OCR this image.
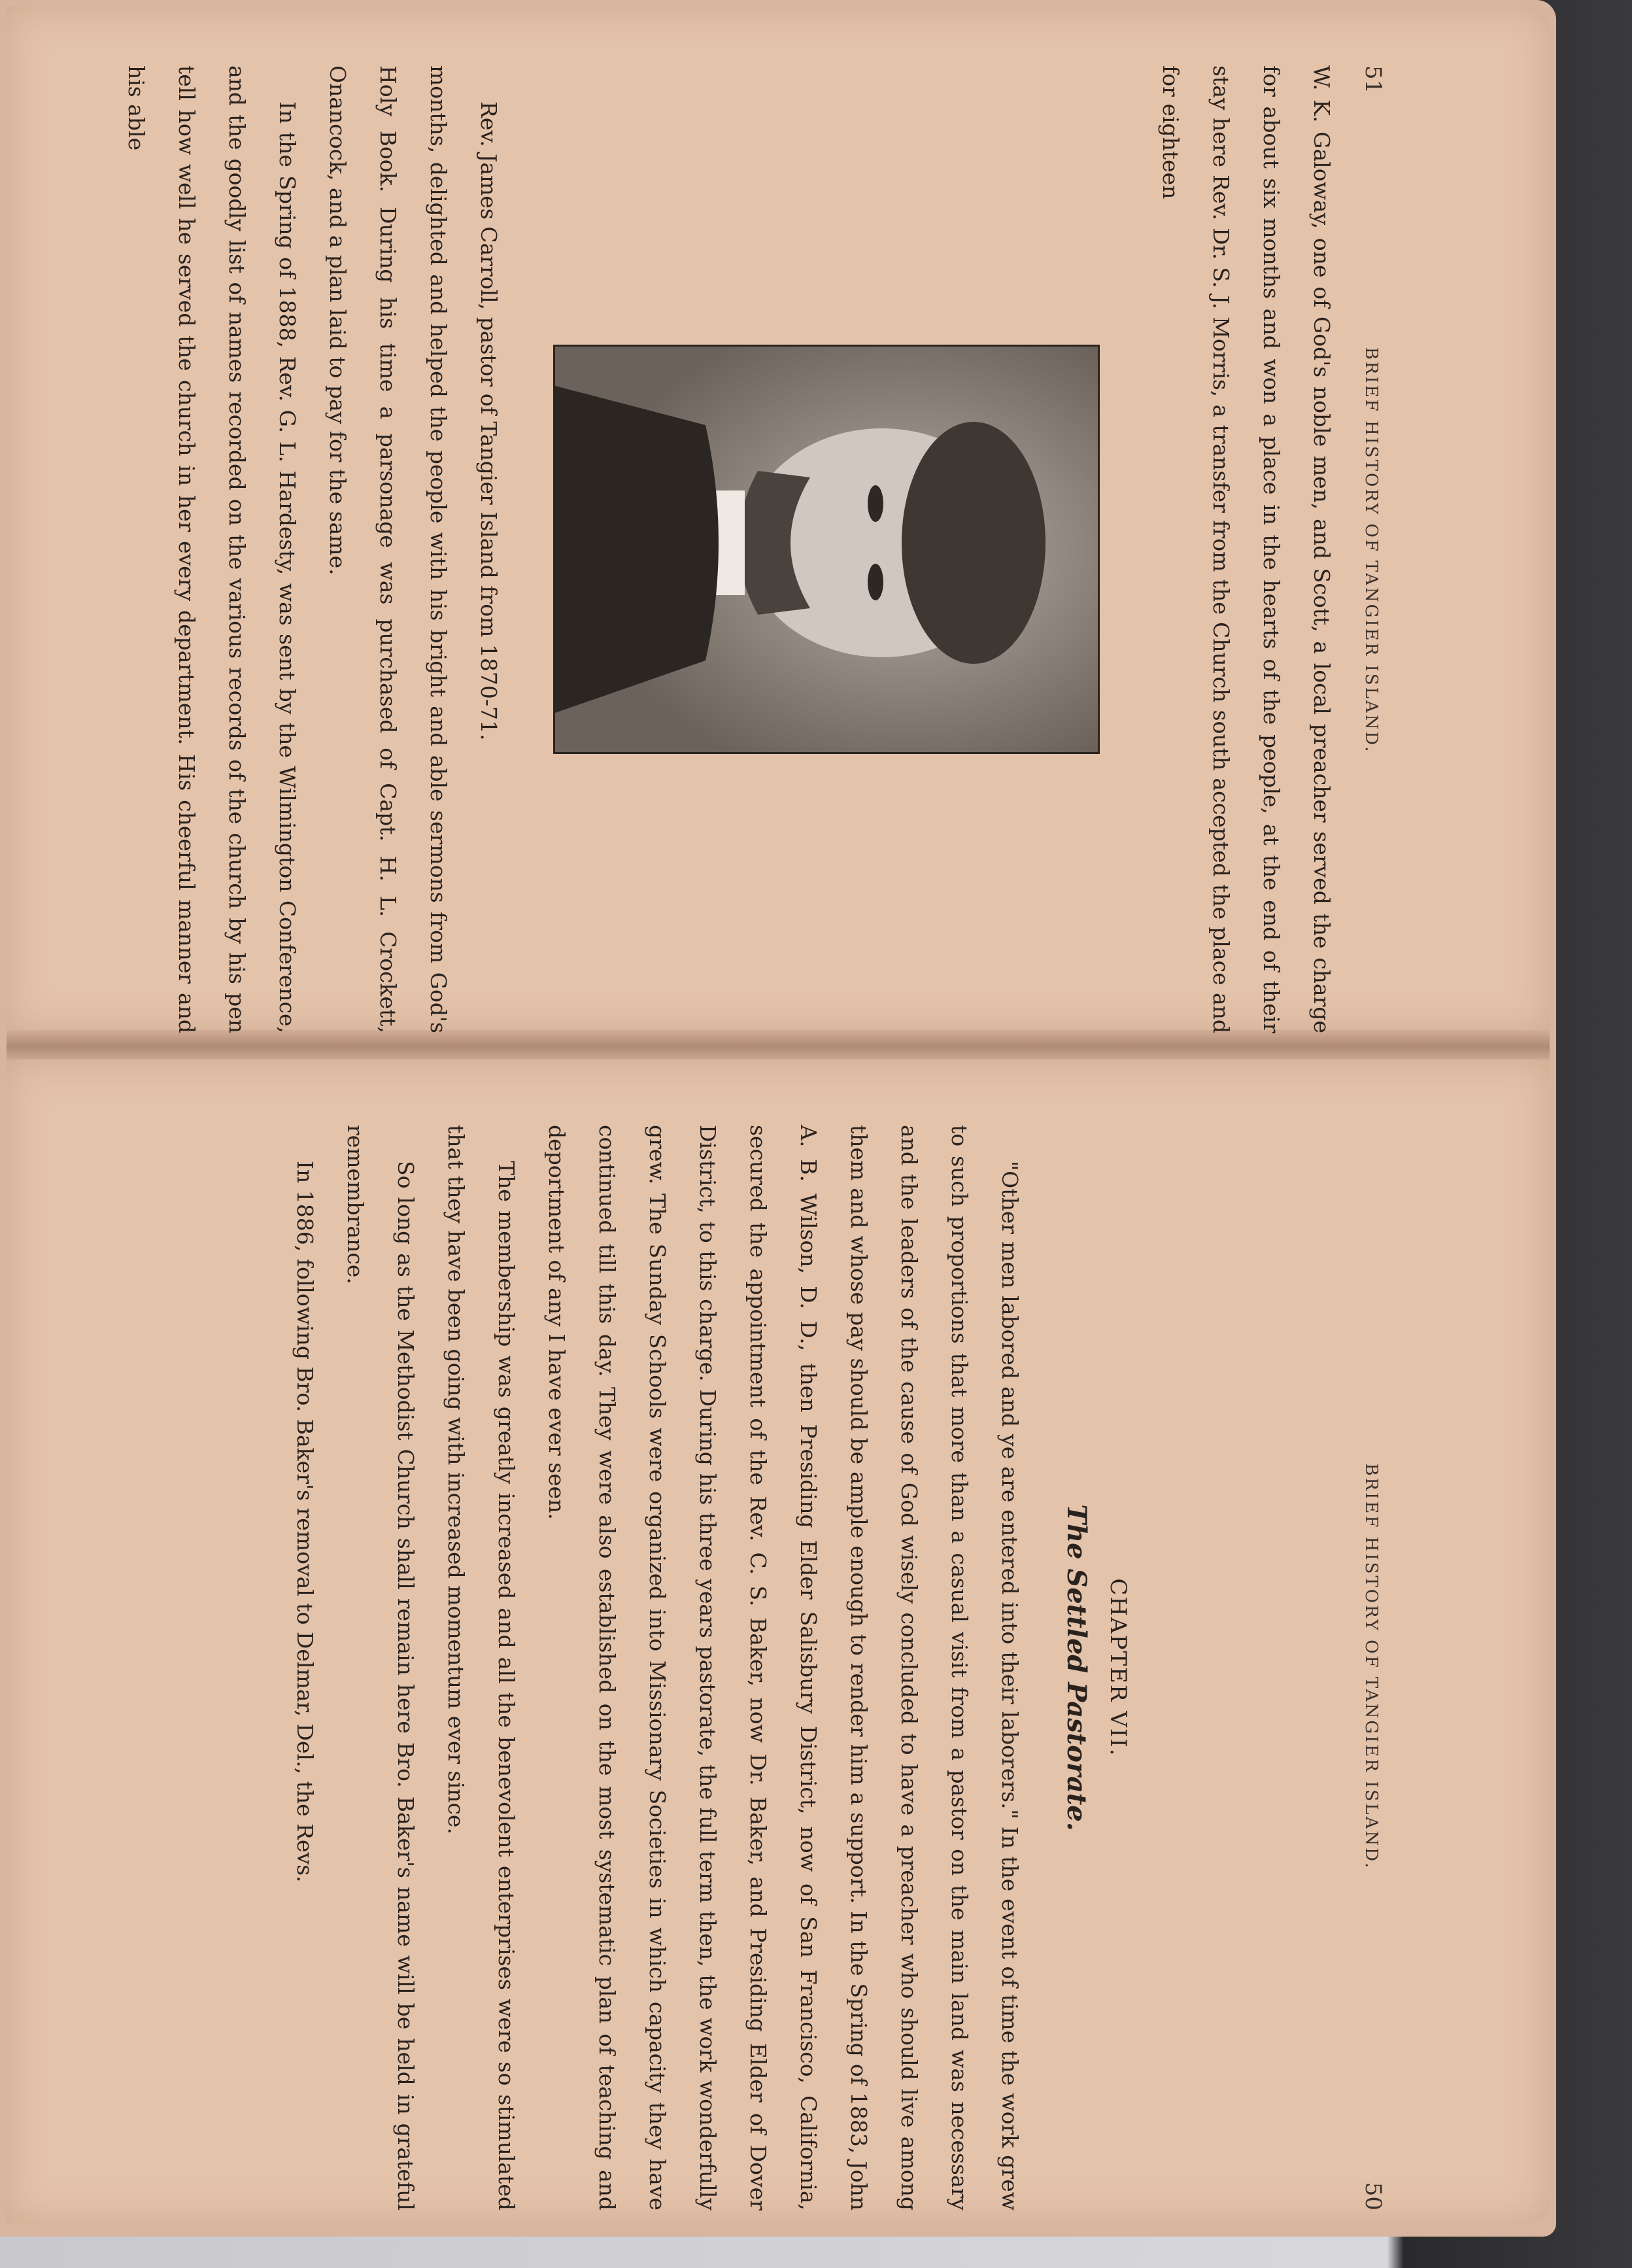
51
BRIEF HISTORY OF TANGIER ISLAND.

W. K. Galoway, one of God's noble men, and Scott, a local preacher served the charge for about six months and won a place in the hearts of the people, at the end of their stay here Rev. Dr. S. J. Morris, a transfer from the Church south accepted the place and for eighteen

Rev. James Carroll, pastor of Tangier Island from 1870-71.

months, delighted and helped the people with his bright and able sermons from God's Holy Book. During his time a parsonage was purchased of Capt. H. L. Crockett, Onancock, and a plan laid to pay for the same.

In the Spring of 1888, Rev. G. L. Hardesty, was sent by the Wilmington Conference, and the goodly list of names recorded on the various records of the church by his pen tell how well he served the church in her every department. His cheerful manner and his able

BRIEF HISTORY OF TANGIER ISLAND.
50
CHAPTER VII.
The Settled Pastorate.

"Other men labored and ye are entered into their laborers." In the event of time the work grew to such proportions that more than a casual visit from a pastor on the main land was necessary and the leaders of the cause of God wisely concluded to have a preacher who should live among them and whose pay should be ample enough to render him a support. In the Spring of 1883, John A. B. Wilson, D. D., then Presiding Elder Salisbury District, now of San Francisco, California, secured the appointment of the Rev. C. S. Baker, now Dr. Baker, and Presiding Elder of Dover District, to this charge. During his three years pastorate, the full term then, the work wonderfully grew. The Sunday Schools were organized into Missionary Societies in which capacity they have continued till this day. They were also established on the most systematic plan of teaching and deportment of any I have ever seen.

The membership was greatly increased and all the benevolent enterprises were so stimulated that they have been going with increased momentum ever since.

So long as the Methodist Church shall remain here Bro. Baker's name will be held in grateful remembrance.

In 1886, following Bro. Baker's removal to Delmar, Del., the Revs.
